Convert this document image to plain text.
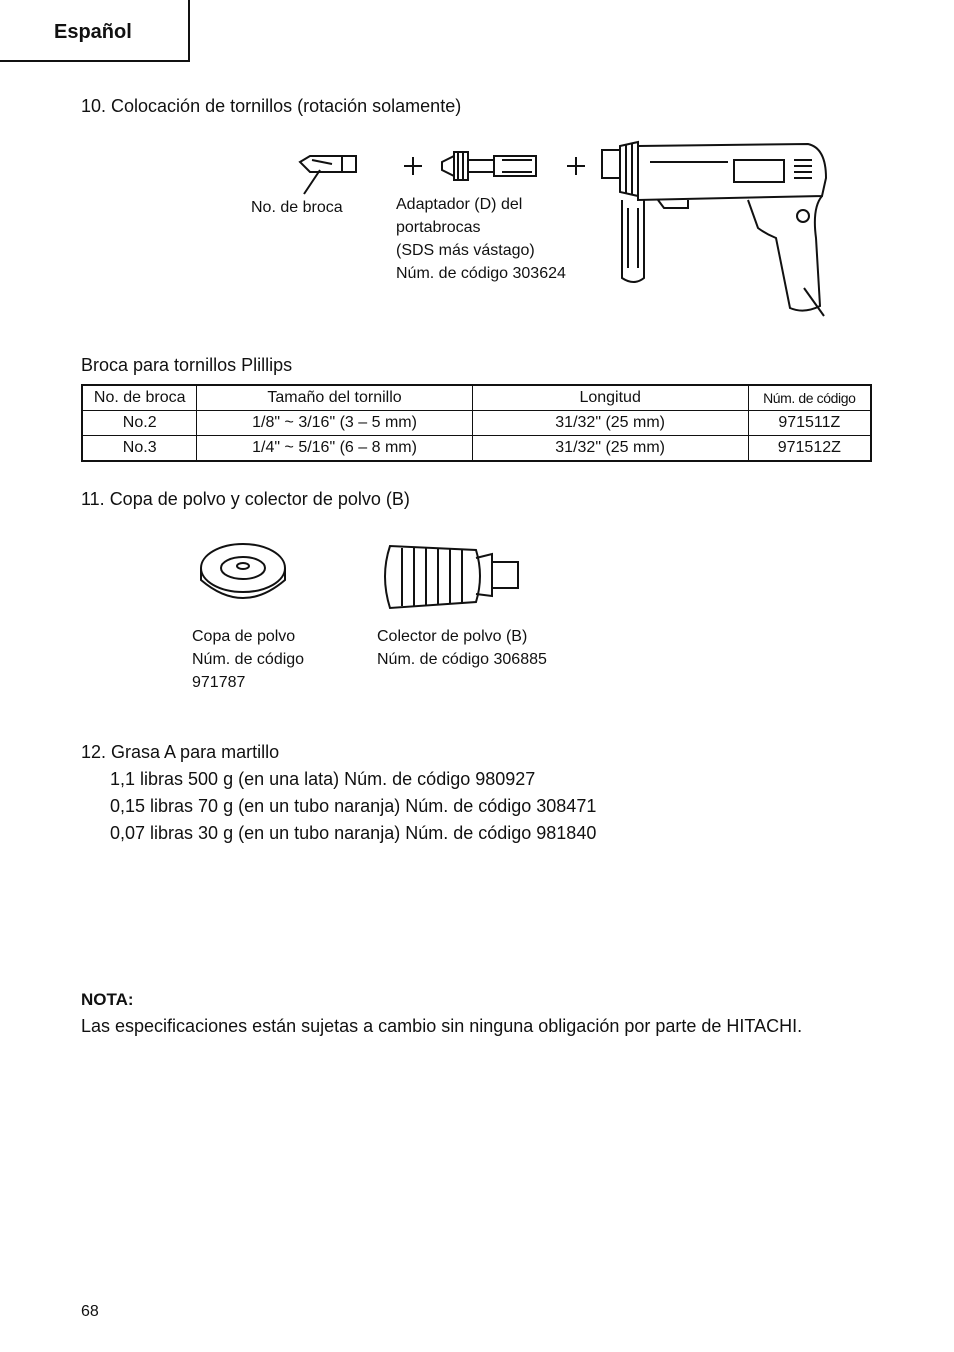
Español
10. Colocación de tornillos (rotación solamente)
No. de broca	Adaptador (D) del
portabrocas
(SDS más vástago)
Núm. de código 303624
Broca para tornillos Plillips
No. de broca	Tamaño del tornillo	Longitud	Núm. de código
No.2	1/8" ~ 3/16" (3 – 5 mm)	31/32" (25 mm)	971511Z
No.3	1/4" ~ 5/16" (6 – 8 mm)	31/32" (25 mm)	971512Z
11. Copa de polvo y colector de polvo (B)
Copa de polvo
Núm. de código
971787
Colector de polvo (B)
Núm. de código 306885
12. Grasa A para martillo
1,1 libras 500 g (en una lata) Núm. de código 980927
0,15 libras 70 g (en un tubo naranja) Núm. de código 308471
0,07 libras 30 g (en un tubo naranja) Núm. de código 981840
NOTA:
Las especificaciones están sujetas a cambio sin ninguna obligación por parte de HITACHI.
68
